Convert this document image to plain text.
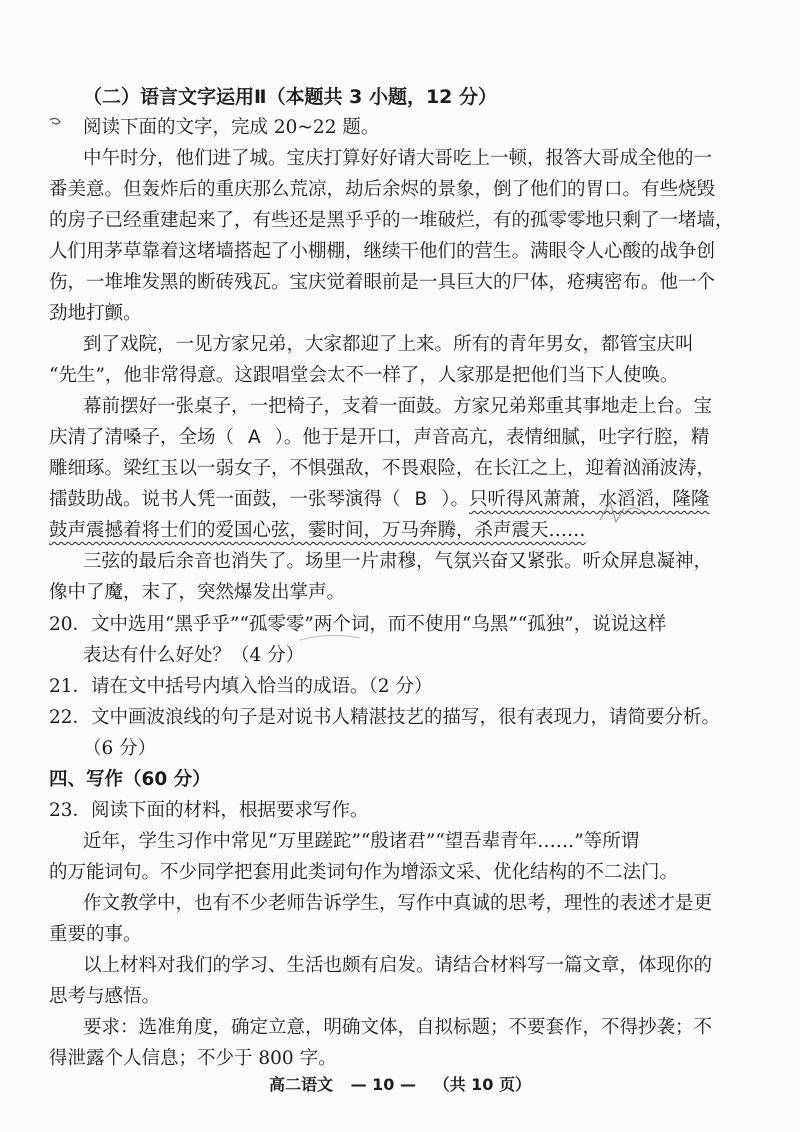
（二）语言文字运用Ⅱ（本题共 3 小题，12 分）
阅读下面的文字，完成 20~22 题。
中午时分，他们进了城。宝庆打算好好请大哥吃上一顿，报答大哥成全他的一
番美意。但轰炸后的重庆那么荒凉，劫后余烬的景象，倒了他们的胃口。有些烧毁
的房子已经重建起来了，有些还是黑乎乎的一堆破烂，有的孤零零地只剩了一堵墙，
人们用茅草靠着这堵墙搭起了小棚棚，继续干他们的营生。满眼令人心酸的战争创
伤，一堆堆发黑的断砖残瓦。宝庆觉着眼前是一具巨大的尸体，疮痍密布。他一个
劲地打颤。
到了戏院，一见方家兄弟，大家都迎了上来。所有的青年男女，都管宝庆叫
“先生”，他非常得意。这跟唱堂会太不一样了，人家那是把他们当下人使唤。
幕前摆好一张桌子，一把椅子，支着一面鼓。方家兄弟郑重其事地走上台。宝
庆清了清嗓子，全场（ A ）。他于是开口，声音高亢，表情细腻，吐字行腔，精
雕细琢。梁红玉以一弱女子，不惧强敌，不畏艰险，在长江之上，迎着汹涌波涛，
擂鼓助战。说书人凭一面鼓，一张琴演得（ B ）。只听得风萧萧，水滔滔，隆隆
鼓声震撼着将士们的爱国心弦，霎时间，万马奔腾，杀声震天……
三弦的最后余音也消失了。场里一片肃穆，气氛兴奋又紧张。听众屏息凝神，
像中了魔，末了，突然爆发出掌声。
20．文中选用“黑乎乎”“孤零零”两个词，而不使用“乌黑”“孤独”，说说这样
表达有什么好处？（4 分）
21．请在文中括号内填入恰当的成语。（2 分）
22．文中画波浪线的句子是对说书人精湛技艺的描写，很有表现力，请简要分析。
（6 分）
四、写作（60 分）
23．阅读下面的材料，根据要求写作。
近年，学生习作中常见“万里蹉跎”“殷诸君”“望吾辈青年……”等所谓
的万能词句。不少同学把套用此类词句作为增添文采、优化结构的不二法门。
作文教学中，也有不少老师告诉学生，写作中真诚的思考，理性的表述才是更
重要的事。
以上材料对我们的学习、生活也颇有启发。请结合材料写一篇文章，体现你的
思考与感悟。
要求：选准角度，确定立意，明确文体，自拟标题；不要套作，不得抄袭；不
得泄露个人信息；不少于 800 字。
高二语文 — 10 — （共 10 页）
